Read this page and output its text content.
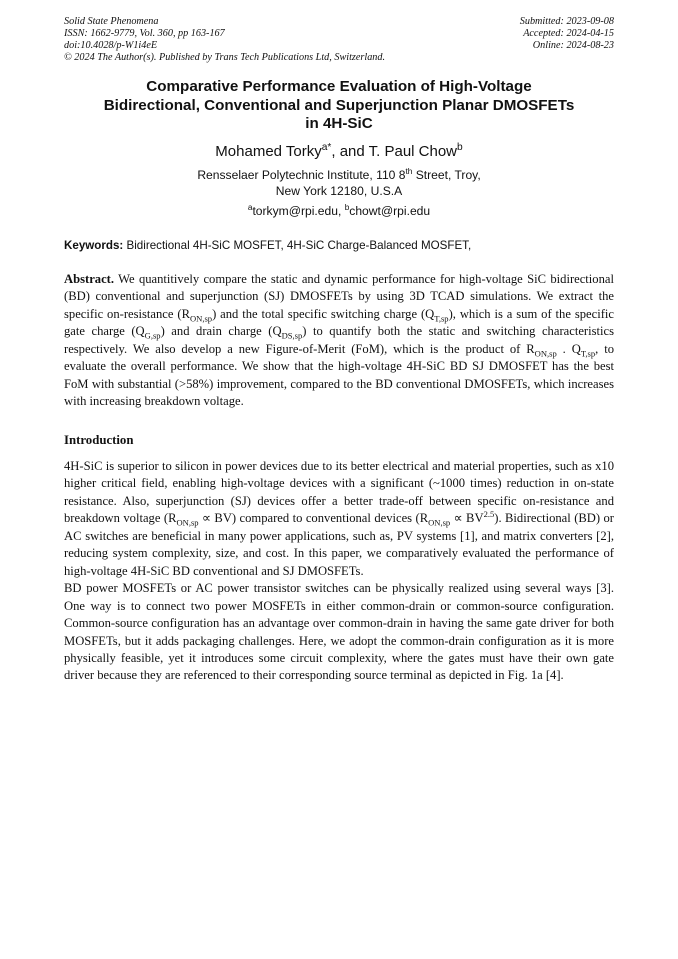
Solid State Phenomena
ISSN: 1662-9779, Vol. 360, pp 163-167
doi:10.4028/p-W1i4eE
© 2024 The Author(s). Published by Trans Tech Publications Ltd, Switzerland.
Submitted: 2023-09-08
Accepted: 2024-04-15
Online: 2024-08-23
Comparative Performance Evaluation of High-Voltage
Bidirectional, Conventional and Superjunction Planar DMOSFETs
in 4H-SiC
Mohamed Torky$^{a*}$, and T. Paul Chow$^b$
Rensselaer Polytechnic Institute, 110 8th Street, Troy,
New York 12180, U.S.A
$^a$torkym@rpi.edu, $^b$chowt@rpi.edu
Keywords: Bidirectional 4H-SiC MOSFET, 4H-SiC Charge-Balanced MOSFET,
Abstract. We quantitively compare the static and dynamic performance for high-voltage SiC bidirectional (BD) conventional and superjunction (SJ) DMOSFETs by using 3D TCAD simulations. We extract the specific on-resistance $(R_{ON,sp})$ and the total specific switching charge $(Q_{T,sp})$, which is a sum of the specific gate charge $(Q_{G,sp})$ and drain charge $(Q_{DS,sp})$ to quantify both the static and switching characteristics respectively. We also develop a new Figure-of-Merit (FoM), which is the product of $R_{ON,sp}$ . $Q_{T,sp}$, to evaluate the overall performance. We show that the high-voltage 4H-SiC BD SJ DMOSFET has the best FoM with substantial (>58%) improvement, compared to the BD conventional DMOSFETs, which increases with increasing breakdown voltage.
Introduction

4H-SiC is superior to silicon in power devices due to its better electrical and material properties, such as x10 higher critical field, enabling high-voltage devices with a significant (~1000 times) reduction in on-state resistance. Also, superjunction (SJ) devices offer a better trade-off between specific on-resistance and breakdown voltage $(R_{ON,sp} \propto BV)$ compared to conventional devices $(R_{ON,sp} \propto BV^{2.5})$. Bidirectional (BD) or AC switches are beneficial in many power applications, such as, PV systems [1], and matrix converters [2], reducing system complexity, size, and cost. In this paper, we comparatively evaluated the performance of high-voltage 4H-SiC BD conventional and SJ DMOSFETs.

BD power MOSFETs or AC power transistor switches can be physically realized using several ways [3]. One way is to connect two power MOSFETs in either common-drain or common-source configuration. Common-source configuration has an advantage over common-drain in having the same gate driver for both MOSFETs, but it adds packaging challenges. Here, we adopt the common-drain configuration as it is more physically feasible, yet it introduces some circuit complexity, where the gates must have their own gate driver because they are referenced to their corresponding source terminal as depicted in Fig. 1a [4].
